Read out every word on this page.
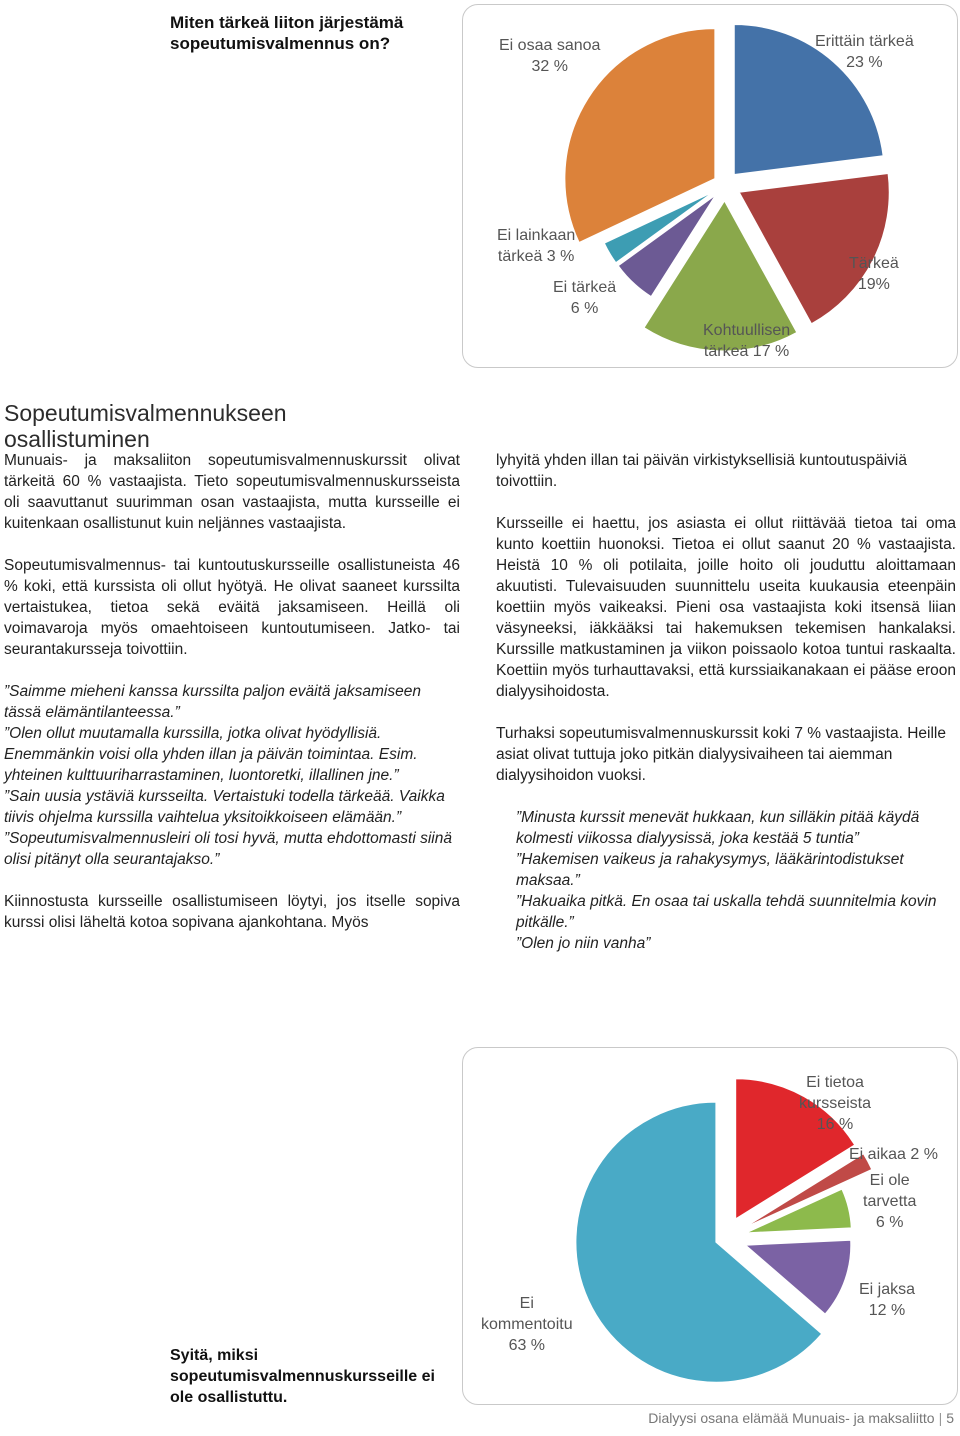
Miten tärkeä liiton järjestämä sopeutumisvalmennus on?	Erittäin tärkeä
23 %
Tärkeä
19%
Kohtuullisen
tärkeä 17 %
Ei tärkeä
6 %
Ei lainkaan
tärkeä 3 %
Ei osaa sanoa
32 %
Sopeutumisvalmennukseen
osallistuminen

Munuais- ja maksaliiton sopeutumisvalmennuskurssit olivat tärkeitä 60 % vastaajista. Tieto sopeutumisvalmennuskursseista oli saavuttanut suurimman osan vastaajista, mutta kursseille ei kuitenkaan osallistunut kuin neljännes vastaajista.

Sopeutumisvalmennus- tai kuntoutuskursseille osallistuneista 46 % koki, että kurssista oli ollut hyötyä. He olivat saaneet kurssilta vertaistukea, tietoa sekä eväitä jaksamiseen. Heillä oli voimavaroja myös omaehtoiseen kuntoutumiseen. Jatko- tai seurantakursseja toivottiin.

”Saimme mieheni kanssa kurssilta paljon eväitä jaksamiseen tässä elämäntilanteessa.”
”Olen ollut muutamalla kurssilla, jotka olivat hyödyllisiä. Enemmänkin voisi olla yhden illan ja päivän toimintaa. Esim. yhteinen kulttuuriharrastaminen, luontoretki, illallinen jne.”
”Sain uusia ystäviä kursseilta. Vertaistuki todella tärkeää. Vaikka tiivis ohjelma kurssilla vaihtelua yksitoikkoiseen elämään.”
”Sopeutumisvalmennusleiri oli tosi hyvä, mutta ehdottomasti siinä olisi pitänyt olla seurantajakso.”

Kiinnostusta kursseille osallistumiseen löytyi, jos itselle sopiva kurssi olisi läheltä kotoa sopivana ajankohtana. Myös

lyhyitä yhden illan tai päivän virkistyksellisiä kuntoutuspäiviä toivottiin.

Kursseille ei haettu, jos asiasta ei ollut riittävää tietoa tai oma kunto koettiin huonoksi. Tietoa ei ollut saanut 20 % vastaajista. Heistä 10 % oli potilaita, joille hoito oli jouduttu aloittamaan akuutisti. Tulevaisuuden suunnittelu useita kuukausia eteenpäin koettiin myös vaikeaksi. Pieni osa vastaajista koki itsensä liian väsyneeksi, iäkkääksi tai hakemuksen tekemisen hankalaksi. Kurssille matkustaminen ja viikon poissaolo kotoa tuntui raskaalta. Koettiin myös turhauttavaksi, että kurssiaikanakaan ei pääse eroon dialyysihoidosta.

Turhaksi sopeutumisvalmennuskurssit koki 7 % vastaajista. Heille asiat olivat tuttuja joko pitkän dialyysivaiheen tai aiemman dialyysihoidon vuoksi.

”Minusta kurssit menevät hukkaan, kun silläkin pitää käydä kolmesti viikossa dialyysissä, joka kestää 5 tuntia”
”Hakemisen vaikeus ja rahakysymys, lääkärintodistukset maksaa.”
”Hakuaika pitkä. En osaa tai uskalla tehdä suunnitelmia kovin pitkälle.”
”Olen jo niin vanha”
Ei tietoa
kursseista
16 %
Ei aikaa 2 %
Ei ole
tarvetta
6 %
Ei jaksa
12 %
Ei
kommentoitu
63 %
Syitä, miksi sopeutumisvalmennuskursseille ei ole osallistuttu.
Dialyysi osana elämää Munuais- ja maksaliitto | 5
